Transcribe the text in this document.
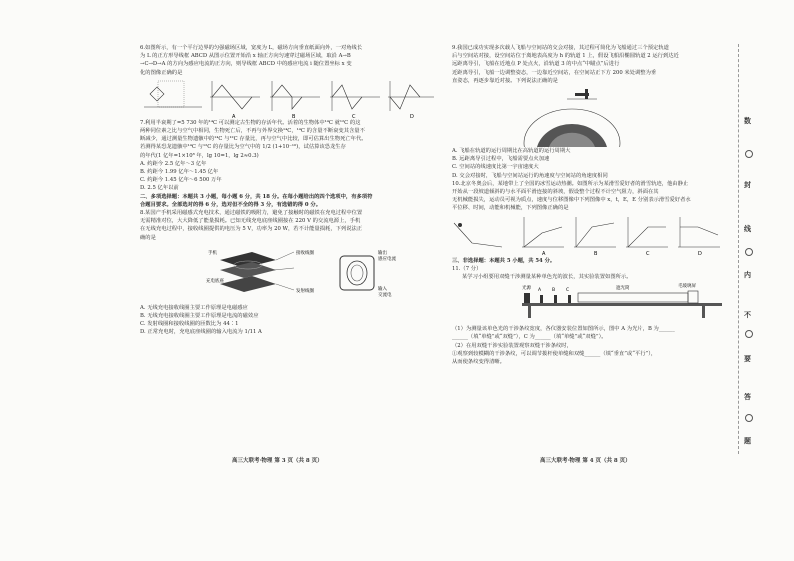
6.如图所示，有一个平行边界的匀强磁场区域，宽度为 L，磁场方向垂直纸面向外，一对角线长

为 L 的正方形导线框 ABCD 从图示位置开始沿 x 轴正方向匀速穿过磁场区域，取沿 A→B

→C→D→A 的方向为感应电流的正方向，则导线框 ABCD 中的感应电流 i 随位置坐标 x 变

化的图像正确的是

A	B	C	D

7.利用半衰期了=5 730 年的¹⁴C 可以测定古生物的存活年代。活着的生物体中¹⁴C 就¹²C 的这

两种同位素之比与空气中相同，生物死亡后，不再与外界交换¹⁴C，¹⁴C 的含量不断衰变其含量不

断减少，通过测量生物遗骸中的¹⁴C 与¹²C 存量比，再与空气中比较，即可估算出生物死亡年代。

若测得某恐龙遗骸中¹⁴C 与¹²C 的存量比为空气中的 1/2 (1+10⁻¹⁰)，试估算该恐龙生存

的年代(1 亿年=1×10⁸ 年，lg 10=1，lg 2≈0.3)

A. 约距今 2.5 亿年～3 亿年

B. 约距今 1.99 亿年～1.45 亿年

C. 约距今 1.45 亿年～6 500 万年

D. 2.5 亿年以前

二、多项选择题：本题共 3 小题，每小题 6 分，共 18 分。在每小题给出的四个选项中，有多项符

合题目要求。全部选对的得 6 分，选对但不全的得 3 分，有选错的得 0 分。

8.某国产手机采用磁感式充电技术，通过磁铁的吸附力，避免了接触时的磁铁在充电过程中位置

无需精准对位，大大降低了能量损耗。已知无线充电底座线圈接在 220 V 的交流电源上，手机

在无线充电过程中，接收线圈提供的电压为 5 V，功率为 20 W，若不计能量损耗，下列说法正

确的是

手机	接收线圈
充电底座
发射线圈
输出
感应电流
输入
交流电

A. 无线充电接收线圈主要工作原理是电磁感应

B. 无线充电接收线圈主要工作原理是电流的磁效应

C. 发射线圈和接收线圈的匝数比为 44∶1

D. 正常充电时，充电底座线圈的输入电流为 1/11 A

高三大联考·物理 第 3 页（共 8 页）

9.我国已成功实现多次载人飞船与空间站的交会对接，其过程可简化为飞船通过三个预定轨道

后与空间站对接，设空间站位于离地表高度为 h 的轨道 1 上，假设飞船沿椭圆轨道 2 运行到达近

远距离导引，飞船在近地点 P 处点火，沿轨道 3 的中点“中瞄点”后进行

近距离导引，飞船一边调整姿态，一边靠近空间站，在空间站正下方 200 米处调整为垂

直姿态，再逐步靠近对接。下列说法正确的是

A. 飞船在轨道的运行周期比在高轨道的运行周期大

B. 远距离导引过程中，飞船需要点火加速

C. 空间站的线速度比第一宇宙速度大

D. 交会对接时，飞船与空间站运行的角速度与空间站的角速度相同

10.北京冬奥会后，某地带上了全国的冰雪运动热潮。如图所示为某滑雪爱好者的滑雪轨迹，他由静止

开始从一段坡道倾斜的与水平面平滑连接的斜坡，假设整个过程不计空气阻力，斜面在其

无机械能损失，运动员可视为质点，速度与位移图像中下列图像中 x，t，E，E 分别表示滑雪爱好者水

平位移、时间，动能和机械能，下列图像正确的是

A	B	C	D

三、非选择题：本题共 5 小题，共 54 分。

11.（7 分）

某学习小组要用双缝干涉测量某种单色光的波长，其实验装置如图所示。

光源 A B C	遮光筒	毛玻璃屏

（1）为测量该单色光的干涉条纹宽度，各仪器安装位置如图所示，图中 A 为光片，B 为______

______（填“单缝”或“双缝”），C 为______（填“单缝”或“双缝”）。

（2）在用双缝干涉实验装置观察双缝干涉条纹时，

①观察到较模糊的干涉条纹，可以调节拨杆使单缝和双缝______（填“垂直”或“平行”），

从而使条纹变得清晰。

高三大联考·物理 第 4 页（共 8 页）
数
封
线
内
不
要
答
题
